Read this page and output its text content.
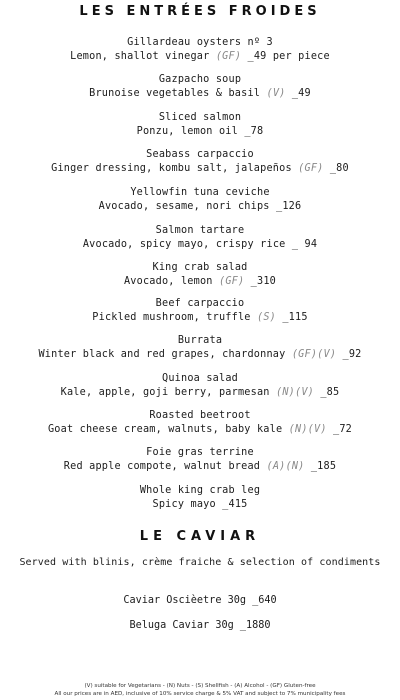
LES ENTRÉES FROIDES
Gillardeau oysters nº 3
Lemon, shallot vinegar (GF) _49 per piece
Gazpacho soup
Brunoise vegetables & basil (V) _49
Sliced salmon
Ponzu, lemon oil _78
Seabass carpaccio
Ginger dressing, kombu salt, jalapeños (GF) _80
Yellowfin tuna ceviche
Avocado, sesame, nori chips _126
Salmon tartare
Avocado, spicy mayo, crispy rice _ 94
King crab salad
Avocado, lemon (GF) _310
Beef carpaccio
Pickled mushroom, truffle (S) _115
Burrata
Winter black and red grapes, chardonnay (GF)(V) _92
Quinoa salad
Kale, apple, goji berry, parmesan (N)(V) _85
Roasted beetroot
Goat cheese cream, walnuts, baby kale (N)(V) _72
Foie gras terrine
Red apple compote, walnut bread (A)(N) _185
Whole king crab leg
Spicy mayo _415
LE CAVIAR
Served with blinis, crème fraiche & selection of condiments
Caviar Oscièetre 30g _640
Beluga Caviar 30g _1880
(V) suitable for Vegetarians - (N) Nuts - (S) Shellfish - (A) Alcohol - (GF) Gluten-free
All our prices are in AED, inclusive of 10% service charge & 5% VAT and subject to 7% municipality fees
